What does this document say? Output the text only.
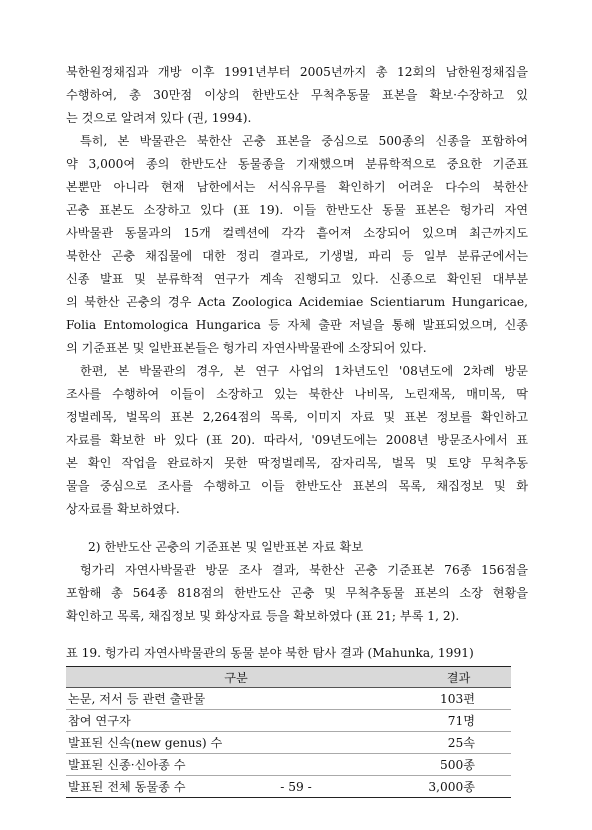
북한원정채집과 개방 이후 1991년부터 2005년까지 총 12회의 남한원정채집을
수행하여, 총 30만점 이상의 한반도산 무척추동물 표본을 확보·수장하고 있
는 것으로 알려져 있다 (권, 1994).
특히, 본 박물관은 북한산 곤충 표본을 중심으로 500종의 신종을 포함하여
약 3,000여 종의 한반도산 동물종을 기재했으며 분류학적으로 중요한 기준표
본뿐만 아니라 현재 남한에서는 서식유무를 확인하기 어려운 다수의 북한산
곤충 표본도 소장하고 있다 (표 19). 이들 한반도산 동물 표본은 헝가리 자연
사박물관 동물과의 15개 컬렉션에 각각 흩어져 소장되어 있으며 최근까지도
북한산 곤충 채집물에 대한 정리 결과로, 기생벌, 파리 등 일부 분류군에서는
신종 발표 및 분류학적 연구가 계속 진행되고 있다. 신종으로 확인된 대부분
의 북한산 곤충의 경우 Acta Zoologica Acidemiae Scientiarum Hungaricae,
Folia Entomologica Hungarica 등 자체 출판 저널을 통해 발표되었으며, 신종
의 기준표본 및 일반표본들은 헝가리 자연사박물관에 소장되어 있다.
한편, 본 박물관의 경우, 본 연구 사업의 1차년도인 '08년도에 2차례 방문
조사를 수행하여 이들이 소장하고 있는 북한산 나비목, 노린재목, 매미목, 딱
정벌레목, 벌목의 표본 2,264점의 목록, 이미지 자료 및 표본 정보를 확인하고
자료를 확보한 바 있다 (표 20). 따라서, '09년도에는 2008년 방문조사에서 표
본 확인 작업을 완료하지 못한 딱정벌레목, 잠자리목, 벌목 및 토양 무척추동
물을 중심으로 조사를 수행하고 이들 한반도산 표본의 목록, 채집정보 및 화
상자료를 확보하였다.
2) 한반도산 곤충의 기준표본 및 일반표본 자료 확보
헝가리 자연사박물관 방문 조사 결과, 북한산 곤충 기준표본 76종 156점을
포함해 총 564종 818점의 한반도산 곤충 및 무척추동물 표본의 소장 현황을
확인하고 목록, 채집정보 및 화상자료 등을 확보하였다 (표 21; 부록 1, 2).
표 19. 헝가리 자연사박물관의 동물 분야 북한 탐사 결과 (Mahunka, 1991)
구분	결과
논문, 저서 등 관련 출판물	103편
참여 연구자	71명
발표된 신속(new genus) 수	25속
발표된 신종·신아종 수	500종
발표된 전체 동물종 수	3,000종
- 59 -
